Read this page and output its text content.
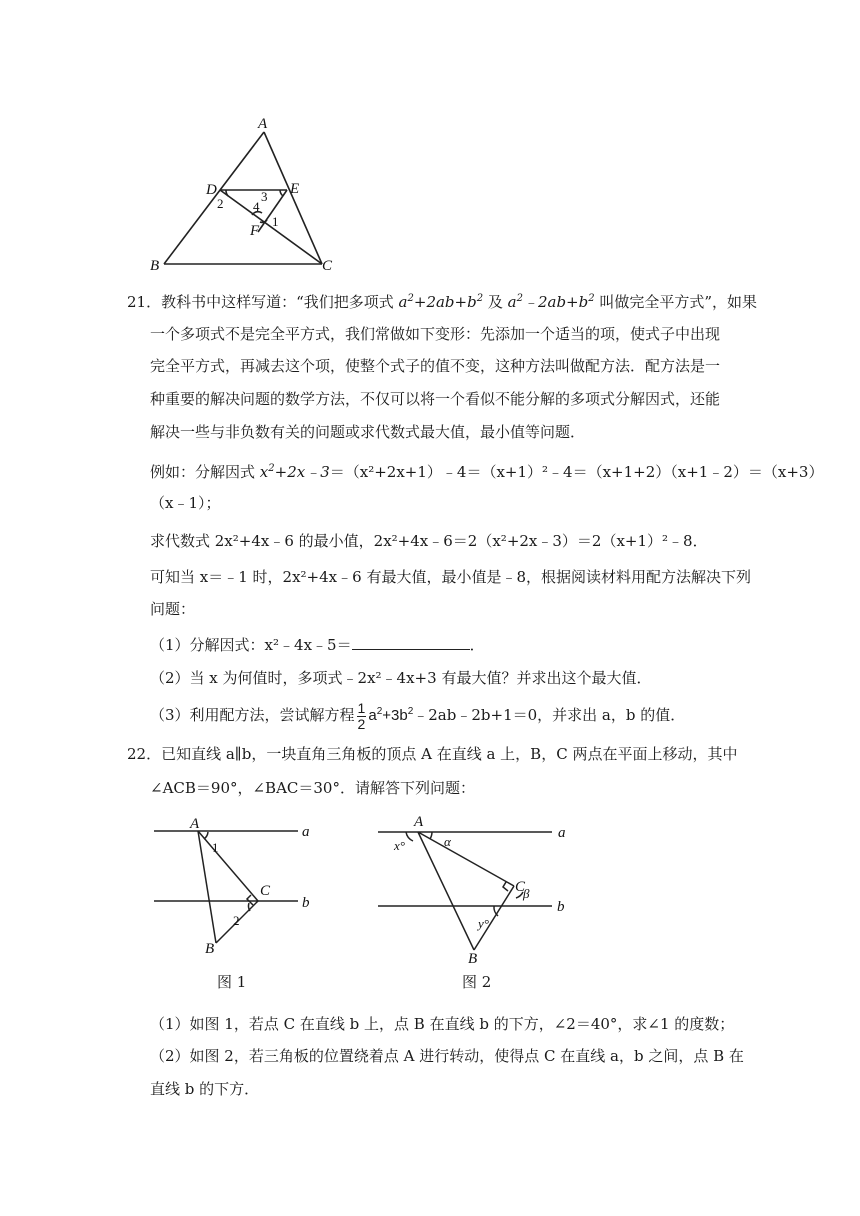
A
D	E
F
B	C
1
2	3
4
21．教科书中这样写道：“我们把多项式 $a^2+2ab+b^2$ 及 $a^2﹣2ab+b^2$ 叫做完全平方式”，如果
一个多项式不是完全平方式，我们常做如下变形：先添加一个适当的项，使式子中出现
完全平方式，再减去这个项，使整个式子的值不变，这种方法叫做配方法．配方法是一
种重要的解决问题的数学方法，不仅可以将一个看似不能分解的多项式分解因式，还能
解决一些与非负数有关的问题或求代数式最大值，最小值等问题．
例如：分解因式 $x^2+2x﹣3=(x^2+2x+1)﹣4=(x+1)^2﹣4=(x+1+2)(x+1﹣2)=(x+3)$
（x﹣1）；
求代数式 2x²+4x﹣6 的最小值，2x²+4x﹣6＝2（x²+2x﹣3）＝2（x+1）²﹣8．
可知当 x＝﹣1 时，2x²+4x﹣6 有最大值，最小值是﹣8，根据阅读材料用配方法解决下列
问题：
（1）分解因式：x²﹣4x﹣5＝	．
（2）当 x 为何值时，多项式﹣2x²﹣4x+3 有最大值？并求出这个最大值．
（3）利用配方法，尝试解方程 $\frac{1}{2}$ $a^2+3b^2﹣2ab﹣2b+1=0$，并求出 a，b 的值．
22．已知直线 a∥b，一块直角三角板的顶点 A 在直线 a 上，B，C 两点在平面上移动，其中
∠ACB＝90°，∠BAC＝30°．请解答下列问题：
A	a
b
C
B
1
2
图 1
A
a
b
C
B
x°
y°
α
β
图 2
（1）如图 1，若点 C 在直线 b 上，点 B 在直线 b 的下方，∠2＝40°，求∠1 的度数；
（2）如图 2，若三角板的位置绕着点 A 进行转动，使得点 C 在直线 a，b 之间，点 B 在
直线 b 的下方．
